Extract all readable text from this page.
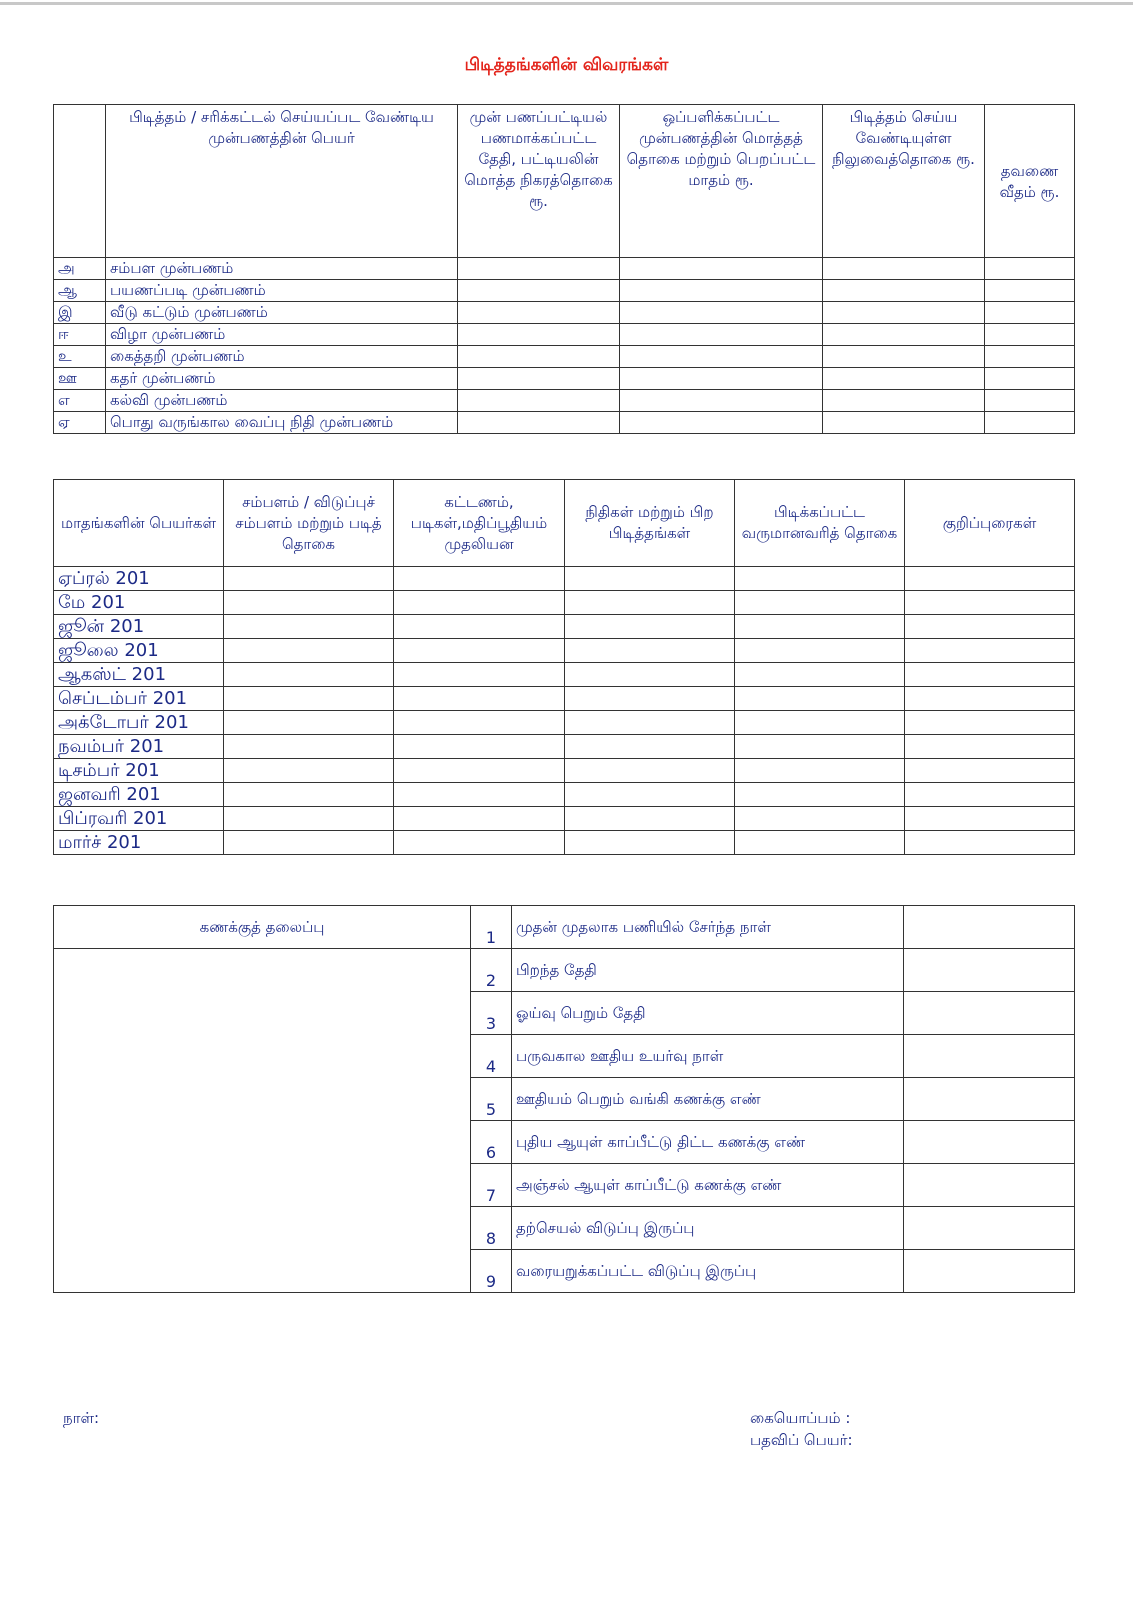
பிடித்தங்களின் விவரங்கள்
	பிடித்தம் / சரிக்கட்டல் செய்யப்பட வேண்டிய முன்பணத்தின் பெயர்	முன் பணப்பட்டியல் பணமாக்கப்பட்ட தேதி, பட்டியலின் மொத்த நிகரத்தொகை ரூ.	ஒப்பளிக்கப்பட்ட முன்பணத்தின் மொத்தத் தொகை மற்றும் பெறப்பட்ட மாதம் ரூ.	பிடித்தம் செய்ய வேண்டியுள்ள நிலுவைத்தொகை ரூ.	தவணை வீதம் ரூ.
அ	சம்பள முன்பணம்				
ஆ	பயணப்படி முன்பணம்				
இ	வீடு கட்டும் முன்பணம்				
ஈ	விழா முன்பணம்				
உ	கைத்தறி முன்பணம்				
ஊ	கதர் முன்பணம்				
எ	கல்வி முன்பணம்				
ஏ	பொது வருங்கால வைப்பு நிதி முன்பணம்				
மாதங்களின் பெயர்கள்	சம்பளம் / விடுப்புச் சம்பளம் மற்றும் படித் தொகை	கட்டணம், படிகள்,மதிப்பூதியம் முதலியன	நிதிகள் மற்றும் பிற பிடித்தங்கள்	பிடிக்கப்பட்ட வருமானவரித் தொகை	குறிப்புரைகள்
ஏப்ரல் 201					
மே 201					
ஜூன் 201					
ஜூலை 201					
ஆகஸ்ட் 201					
செப்டம்பர் 201					
அக்டோபர் 201					
நவம்பர் 201					
டிசம்பர் 201					
ஜனவரி 201					
பிப்ரவரி 201					
மார்ச் 201					
கணக்குத் தலைப்பு	1	முதன் முதலாக பணியில் சேர்ந்த நாள்	
	2	பிறந்த தேதி	
	3	ஓய்வு பெறும் தேதி	
	4	பருவகால ஊதிய உயர்வு நாள்	
	5	ஊதியம் பெறும் வங்கி கணக்கு எண்	
	6	புதிய ஆயுள் காப்பீட்டு திட்ட கணக்கு எண்	
	7	அஞ்சல் ஆயுள் காப்பீட்டு கணக்கு எண்	
	8	தற்செயல் விடுப்பு இருப்பு	
	9	வரையறுக்கப்பட்ட விடுப்பு இருப்பு	
நாள்:	கையொப்பம் :
பதவிப் பெயர்:
